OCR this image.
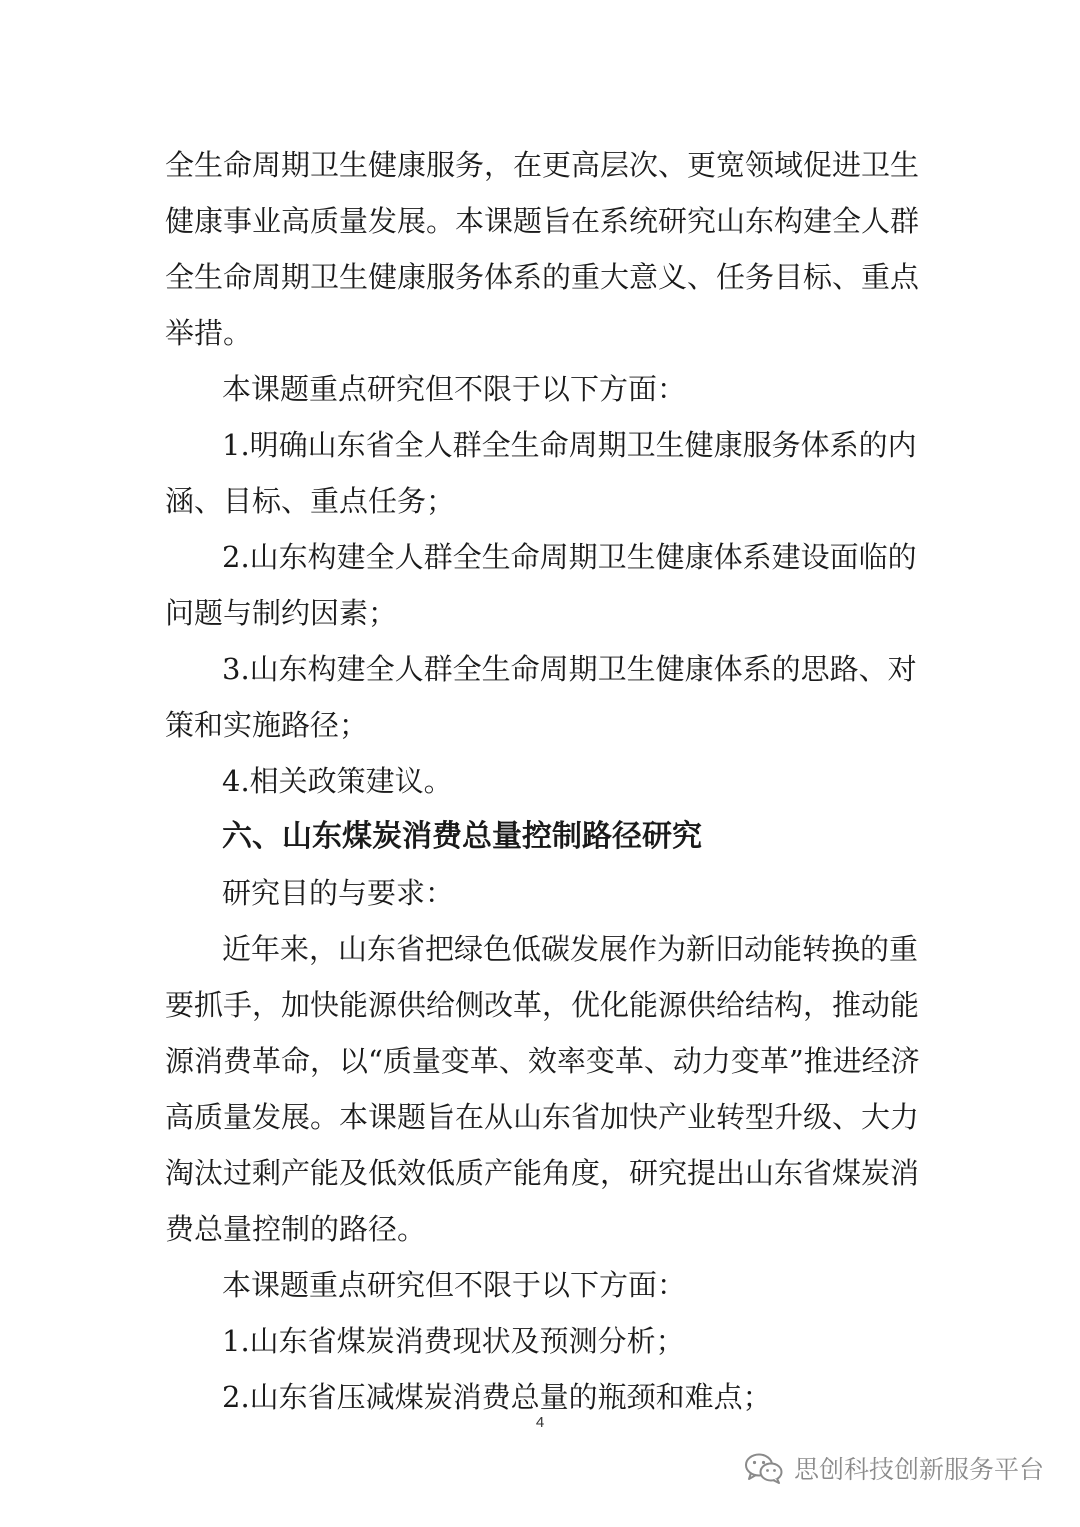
全生命周期卫生健康服务，在更高层次、更宽领域促进卫生
健康事业高质量发展。本课题旨在系统研究山东构建全人群
全生命周期卫生健康服务体系的重大意义、任务目标、重点
举措。
本课题重点研究但不限于以下方面：
1.明确山东省全人群全生命周期卫生健康服务体系的内
涵、目标、重点任务；
2.山东构建全人群全生命周期卫生健康体系建设面临的
问题与制约因素；
3.山东构建全人群全生命周期卫生健康体系的思路、对
策和实施路径；
4.相关政策建议。
六、山东煤炭消费总量控制路径研究
研究目的与要求：
近年来，山东省把绿色低碳发展作为新旧动能转换的重
要抓手，加快能源供给侧改革，优化能源供给结构，推动能
源消费革命，以“质量变革、效率变革、动力变革”推进经济
高质量发展。本课题旨在从山东省加快产业转型升级、大力
淘汰过剩产能及低效低质产能角度，研究提出山东省煤炭消
费总量控制的路径。
本课题重点研究但不限于以下方面：
1.山东省煤炭消费现状及预测分析；
2.山东省压减煤炭消费总量的瓶颈和难点；
4
思创科技创新服务平台
